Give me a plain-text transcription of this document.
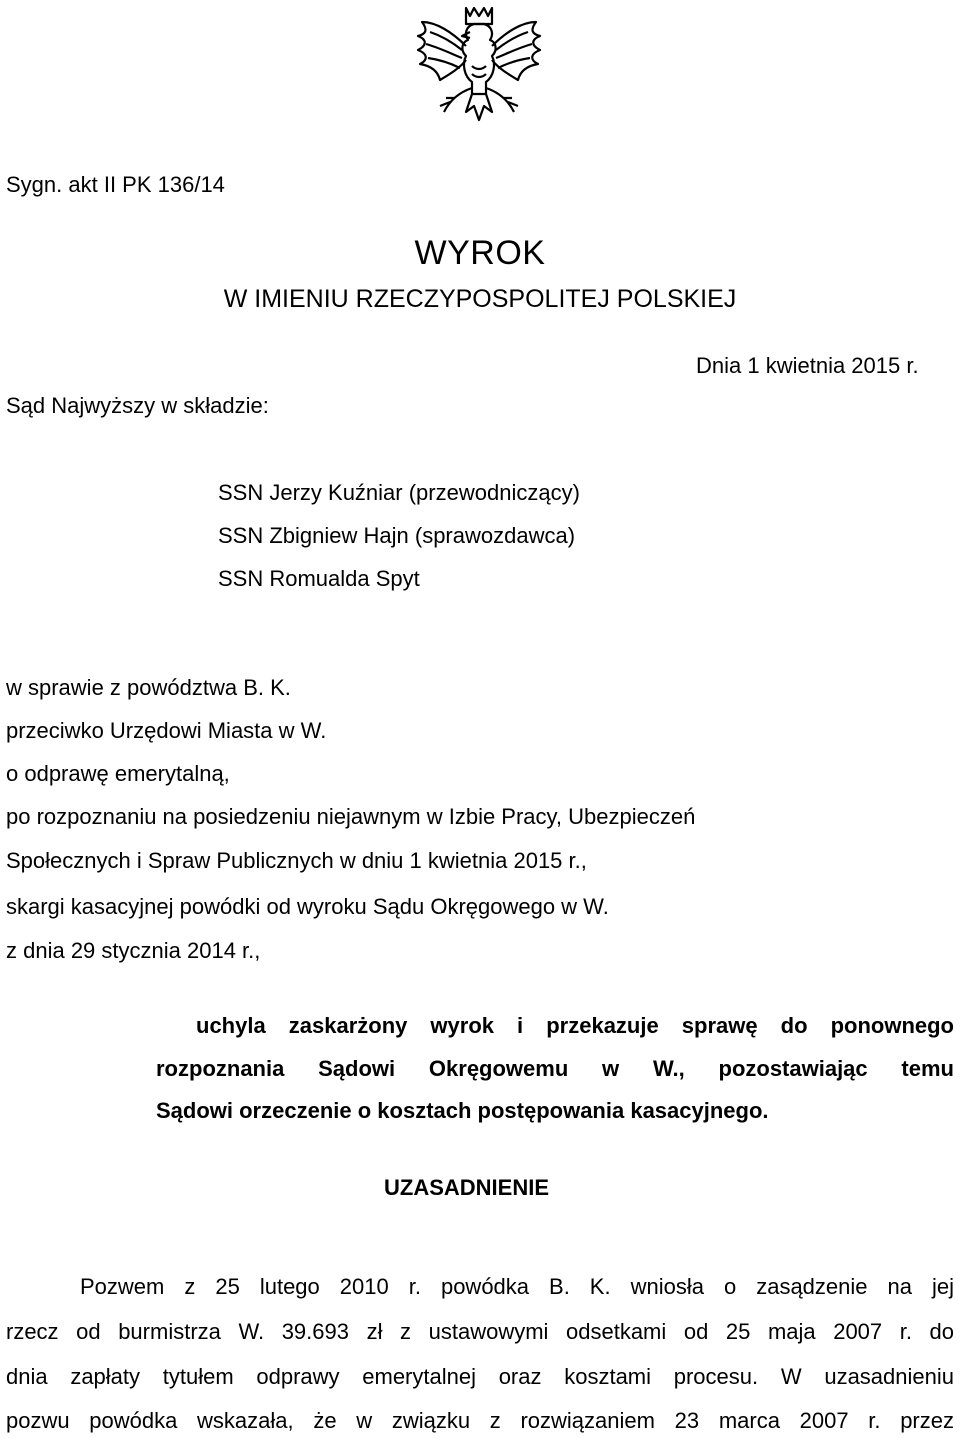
Sygn. akt II PK 136/14
WYROK
W IMIENIU RZECZYPOSPOLITEJ POLSKIEJ
Dnia 1 kwietnia 2015 r.
Sąd Najwyższy w składzie:
SSN Jerzy Kuźniar (przewodniczący)
SSN Zbigniew Hajn (sprawozdawca)
SSN Romualda Spyt
w sprawie z powództwa B. K.
przeciwko Urzędowi Miasta w W.
o odprawę emerytalną,
po rozpoznaniu na posiedzeniu niejawnym w Izbie Pracy, Ubezpieczeń
Społecznych i Spraw Publicznych w dniu 1 kwietnia 2015 r.,
skargi kasacyjnej powódki od wyroku Sądu Okręgowego w W.
z dnia 29 stycznia 2014 r.,
uchyla zaskarżony wyrok i przekazuje sprawę do ponownego
rozpoznania Sądowi Okręgowemu w W., pozostawiając temu
Sądowi orzeczenie o kosztach postępowania kasacyjnego.
UZASADNIENIE
Pozwem z 25 lutego 2010 r. powódka B. K. wniosła o zasądzenie na jej
rzecz od burmistrza W. 39.693 zł z ustawowymi odsetkami od 25 maja 2007 r. do
dnia zapłaty tytułem odprawy emerytalnej oraz kosztami procesu. W uzasadnieniu
pozwu powódka wskazała, że w związku z rozwiązaniem 23 marca 2007 r. przez
